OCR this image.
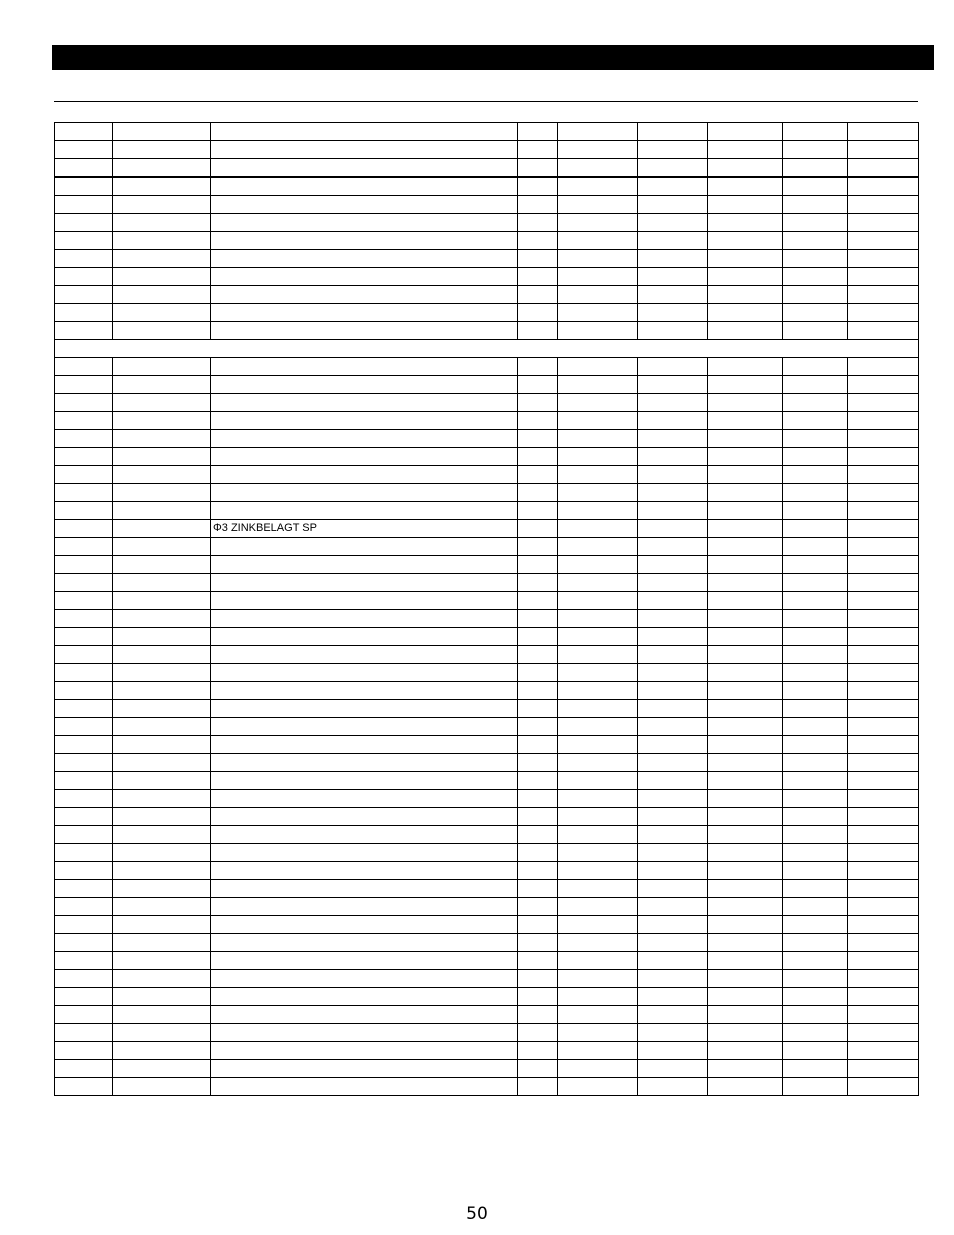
		Φ3 ZINKBELAGT SP						

50
